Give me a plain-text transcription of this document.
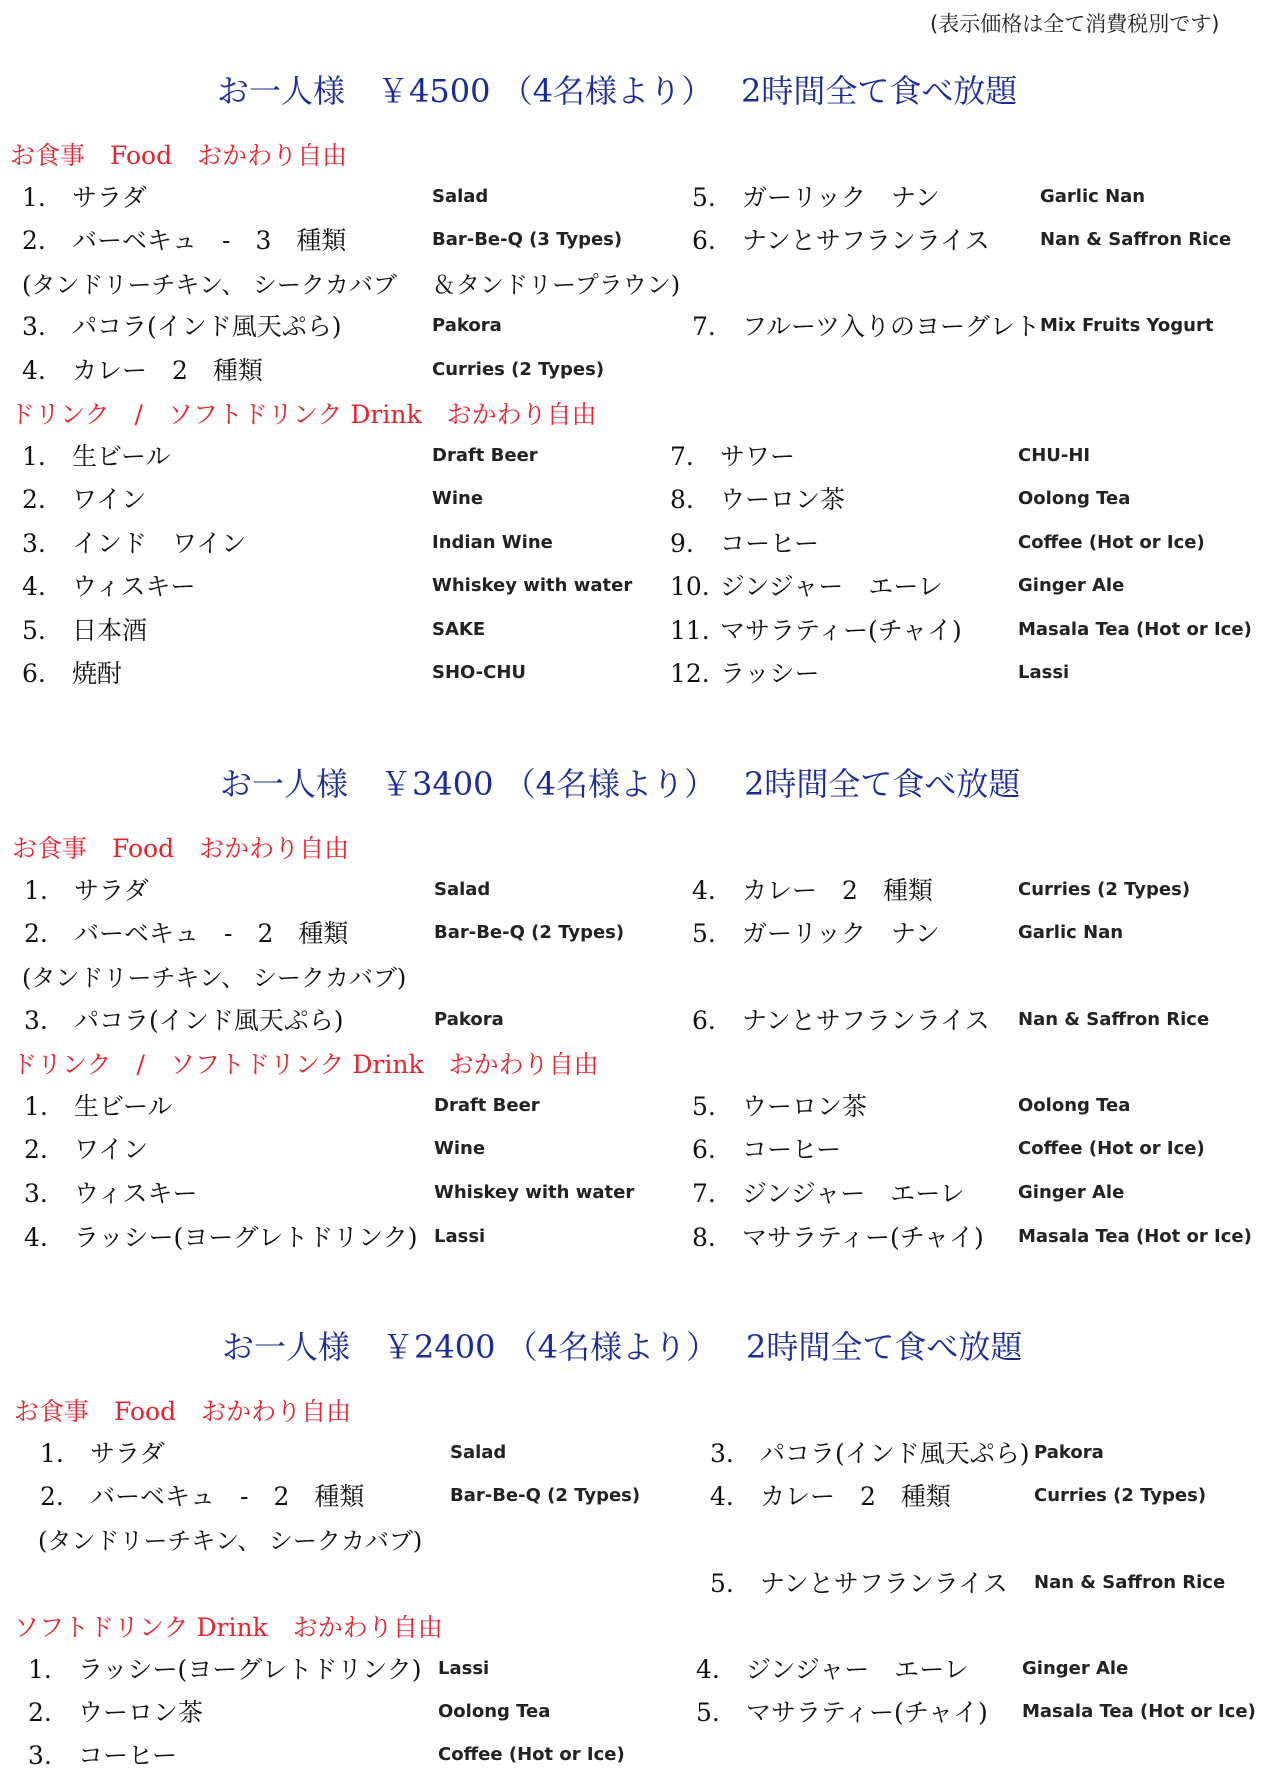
(表示価格は全て消費税別です)
お一人様　￥4500 （4名様より） 2時間全て食べ放題
お食事　Food　おかわり自由
1. サラダ	Salad
2. バーベキュ　-　3　種類	Bar-Be-Q (3 Types)
(タンドリーチキン、 シークカバブ ＆タンドリープラウン)
3. パコラ(インド風天ぷら)	Pakora
4. カレー　2　種類	Curries (2 Types)
5. ガーリック　ナン	Garlic Nan
6. ナンとサフランライス	Nan & Saffron Rice
7. フルーツ入りのヨーグレト Mix Fruits Yogurt
ドリンク　/　ソフトドリンク Drink　おかわり自由
1. 生ビール	Draft Beer
2. ワイン	Wine
3. インド　ワイン	Indian Wine
4. ウィスキー	Whiskey with water
5. 日本酒	SAKE
6. 焼酎	SHO-CHU
7. サワー	CHU-HI
8. ウーロン茶	Oolong Tea
9. コーヒー	Coffee (Hot or Ice)
10. ジンジャー　エーレ	Ginger Ale
11. マサラティー(チャイ)	Masala Tea (Hot or Ice)
12. ラッシー	Lassi
お一人様　￥3400 （4名様より） 2時間全て食べ放題
お食事　Food　おかわり自由
1. サラダ	Salad
2. バーベキュ　-　2　種類	Bar-Be-Q (2 Types)
(タンドリーチキン、 シークカバブ)
3. パコラ(インド風天ぷら)	Pakora
4. カレー　2　種類	Curries (2 Types)
5. ガーリック　ナン	Garlic Nan
6. ナンとサフランライス Nan & Saffron Rice
ドリンク　/　ソフトドリンク Drink　おかわり自由
1. 生ビール	Draft Beer
2. ワイン	Wine
3. ウィスキー	Whiskey with water
4. ラッシー(ヨーグレトドリンク) Lassi
5. ウーロン茶	Oolong Tea
6. コーヒー	Coffee (Hot or Ice)
7. ジンジャー　エーレ	Ginger Ale
8. マサラティー(チャイ) Masala Tea (Hot or Ice)
お一人様　￥2400 （4名様より） 2時間全て食べ放題
お食事　Food　おかわり自由
1. サラダ	Salad
2. バーベキュ　-　2　種類	Bar-Be-Q (2 Types)
(タンドリーチキン、 シークカバブ)
3. パコラ(インド風天ぷら) Pakora
4. カレー　2　種類	Curries (2 Types)
5. ナンとサフランライス Nan & Saffron Rice
ソフトドリンク Drink　おかわり自由
1. ラッシー(ヨーグレトドリンク) Lassi
2. ウーロン茶	Oolong Tea
3. コーヒー	Coffee (Hot or Ice)
4. ジンジャー　エーレ	Ginger Ale
5. マサラティー(チャイ) Masala Tea (Hot or Ice)
